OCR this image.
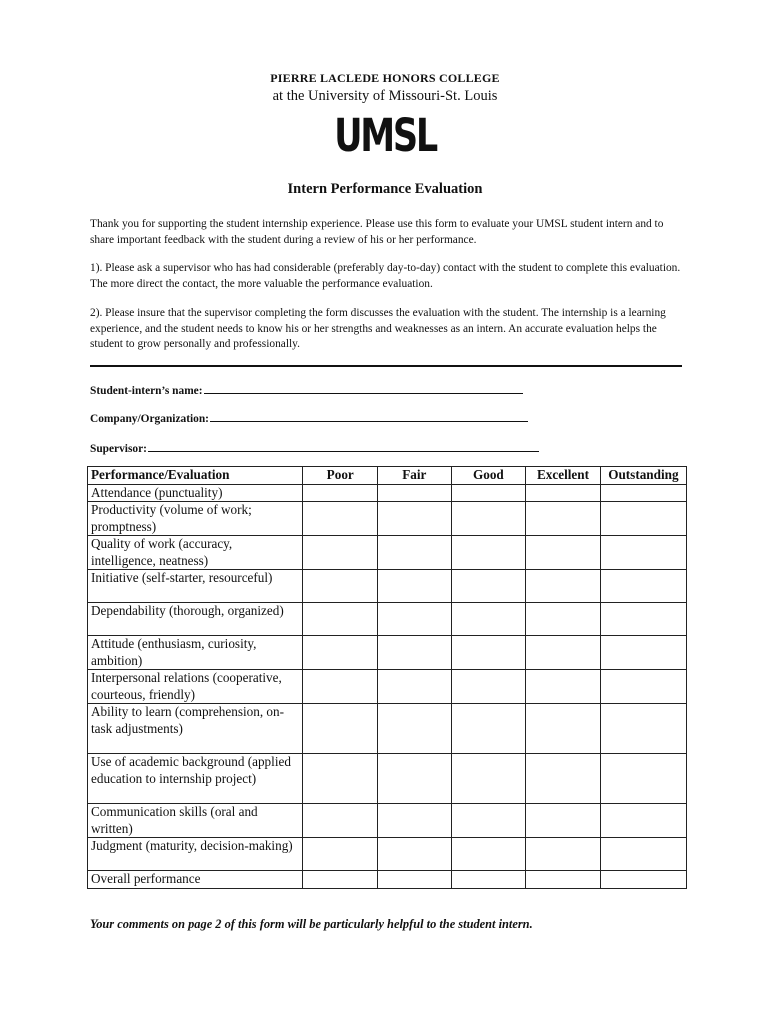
PIERRE LACLEDE HONORS COLLEGE
at the University of Missouri-St. Louis
UMSL
Intern Performance Evaluation
Thank you for supporting the student internship experience. Please use this form to evaluate your UMSL student intern and to share important feedback with the student during a review of his or her performance.
1). Please ask a supervisor who has had considerable (preferably day-to-day) contact with the student to complete this evaluation. The more direct the contact, the more valuable the performance evaluation.
2). Please insure that the supervisor completing the form discusses the evaluation with the student. The internship is a learning experience, and the student needs to know his or her strengths and weaknesses as an intern. An accurate evaluation helps the student to grow personally and professionally.
Student-intern’s name:
Company/Organization:
Supervisor:
Performance/Evaluation	Poor	Fair	Good	Excellent	Outstanding
Attendance (punctuality)					
Productivity (volume of work; promptness)					
Quality of work (accuracy, intelligence, neatness)					
Initiative (self-starter, resourceful)					
Dependability (thorough, organized)					
Attitude (enthusiasm, curiosity, ambition)					
Interpersonal relations (cooperative, courteous, friendly)					
Ability to learn (comprehension, on-task adjustments)					
Use of academic background (applied education to internship project)					
Communication skills (oral and written)					
Judgment (maturity, decision-making)					
Overall performance					
Your comments on page 2 of this form will be particularly helpful to the student intern.
